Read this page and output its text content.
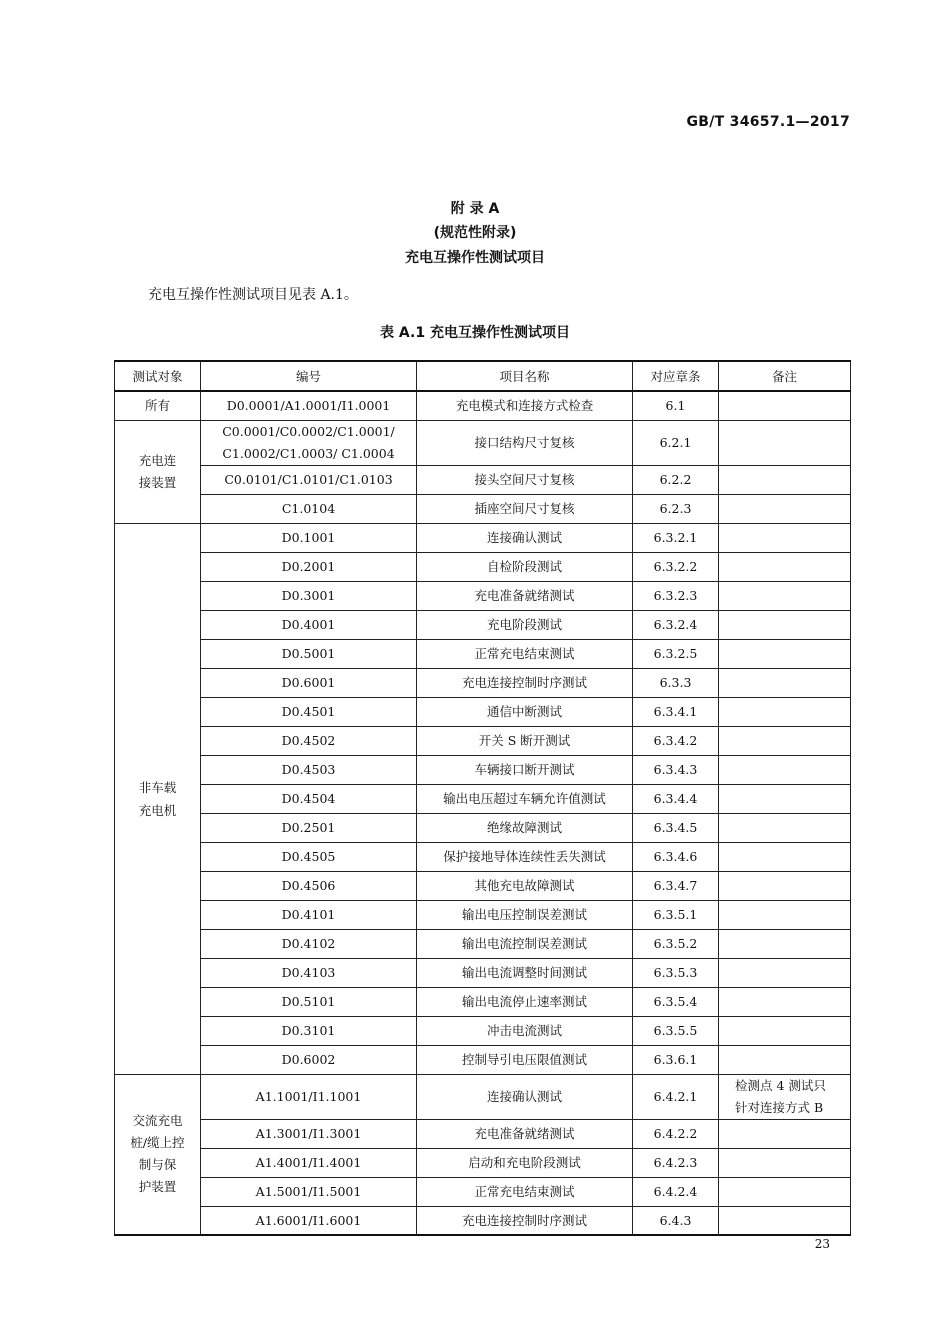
GB/T 34657.1—2017
附 录 A
(规范性附录)
充电互操作性测试项目
充电互操作性测试项目见表 A.1。
表 A.1 充电互操作性测试项目
测试对象	编号	项目名称	对应章条	备注
所有	D0.0001/A1.0001/I1.0001	充电模式和连接方式检查	6.1	
充电连
接装置	C0.0001/C0.0002/C1.0001/
C1.0002/C1.0003/ C1.0004	接口结构尺寸复核	6.2.1	
	C0.0101/C1.0101/C1.0103	接头空间尺寸复核	6.2.2	
	C1.0104	插座空间尺寸复核	6.2.3	
非车载
充电机	D0.1001	连接确认测试	6.3.2.1	
	D0.2001	自检阶段测试	6.3.2.2	
	D0.3001	充电准备就绪测试	6.3.2.3	
	D0.4001	充电阶段测试	6.3.2.4	
	D0.5001	正常充电结束测试	6.3.2.5	
	D0.6001	充电连接控制时序测试	6.3.3	
	D0.4501	通信中断测试	6.3.4.1	
	D0.4502	开关 S 断开测试	6.3.4.2	
	D0.4503	车辆接口断开测试	6.3.4.3	
	D0.4504	输出电压超过车辆允许值测试	6.3.4.4	
	D0.2501	绝缘故障测试	6.3.4.5	
	D0.4505	保护接地导体连续性丢失测试	6.3.4.6	
	D0.4506	其他充电故障测试	6.3.4.7	
	D0.4101	输出电压控制误差测试	6.3.5.1	
	D0.4102	输出电流控制误差测试	6.3.5.2	
	D0.4103	输出电流调整时间测试	6.3.5.3	
	D0.5101	输出电流停止速率测试	6.3.5.4	
	D0.3101	冲击电流测试	6.3.5.5	
	D0.6002	控制导引电压限值测试	6.3.6.1	
交流充电
桩/缆上控
制与保
护装置	A1.1001/I1.1001	连接确认测试	6.4.2.1	检测点 4 测试只
针对连接方式 B
	A1.3001/I1.3001	充电准备就绪测试	6.4.2.2	
	A1.4001/I1.4001	启动和充电阶段测试	6.4.2.3	
	A1.5001/I1.5001	正常充电结束测试	6.4.2.4	
	A1.6001/I1.6001	充电连接控制时序测试	6.4.3	
23
